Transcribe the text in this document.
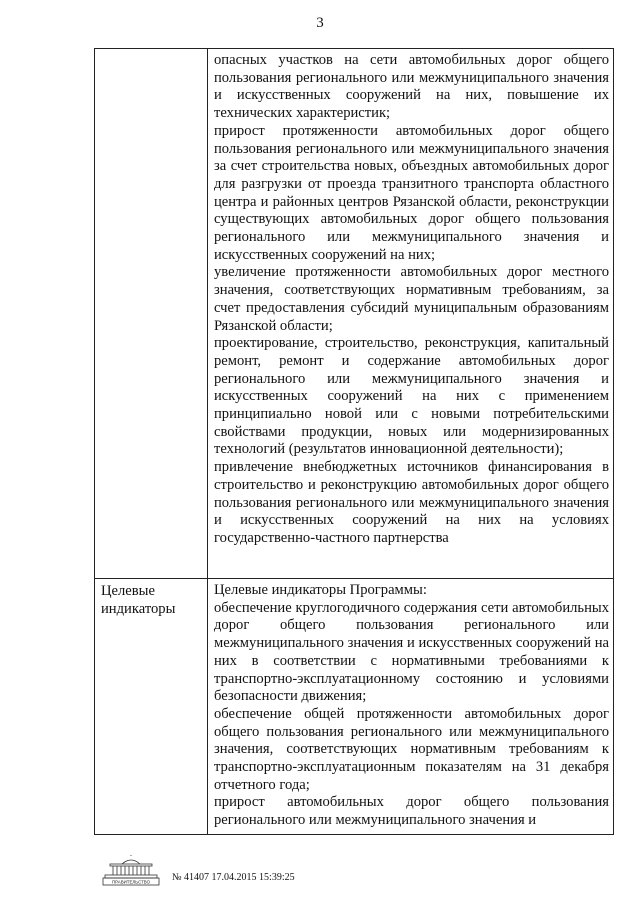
3

	опасных участков на сети автомобильных дорог общего пользования регионального или межмуниципального значения и искусственных сооружений на них, повышение их технических характеристик;

прирост протяженности автомобильных дорог общего пользования регионального или межмуниципального значения за счет строительства новых, объездных автомобильных дорог для разгрузки от проезда транзитного транспорта областного центра и районных центров Рязанской области, реконструкции существующих автомобильных дорог общего пользования регионального или межмуниципального значения и искусственных сооружений на них;

увеличение протяженности автомобильных дорог местного значения, соответствующих нормативным требованиям, за счет предоставления субсидий муниципальным образованиям Рязанской области;

проектирование, строительство, реконструкция, капитальный ремонт, ремонт и содержание автомобильных дорог регионального или межмуниципального значения и искусственных сооружений на них с применением принципиально новой или с новыми потребительскими свойствами продукции, новых или модернизированных технологий (результатов инновационной деятельности);

привлечение внебюджетных источников финансирования в строительство и реконструкцию автомобильных дорог общего пользования регионального или межмуниципального значения и искусственных сооружений на них на условиях государственно-частного партнерства

Целевые индикаторы	Целевые индикаторы Программы:

обеспечение круглогодичного содержания сети автомобильных дорог общего пользования регионального или межмуниципального значения и искусственных сооружений на них в соответствии с нормативными требованиями к транспортно-эксплуатационному состоянию и условиями безопасности движения;

обеспечение общей протяженности автомобильных дорог общего пользования регионального или межмуниципального значения, соответствующих нормативным требованиям к транспортно-эксплуатационным показателям на 31 декабря отчетного года;

прирост автомобильных дорог общего пользования регионального или межмуниципального значения и

ПРАВИТЕЛЬСТВО № 41407 17.04.2015 15:39:25
